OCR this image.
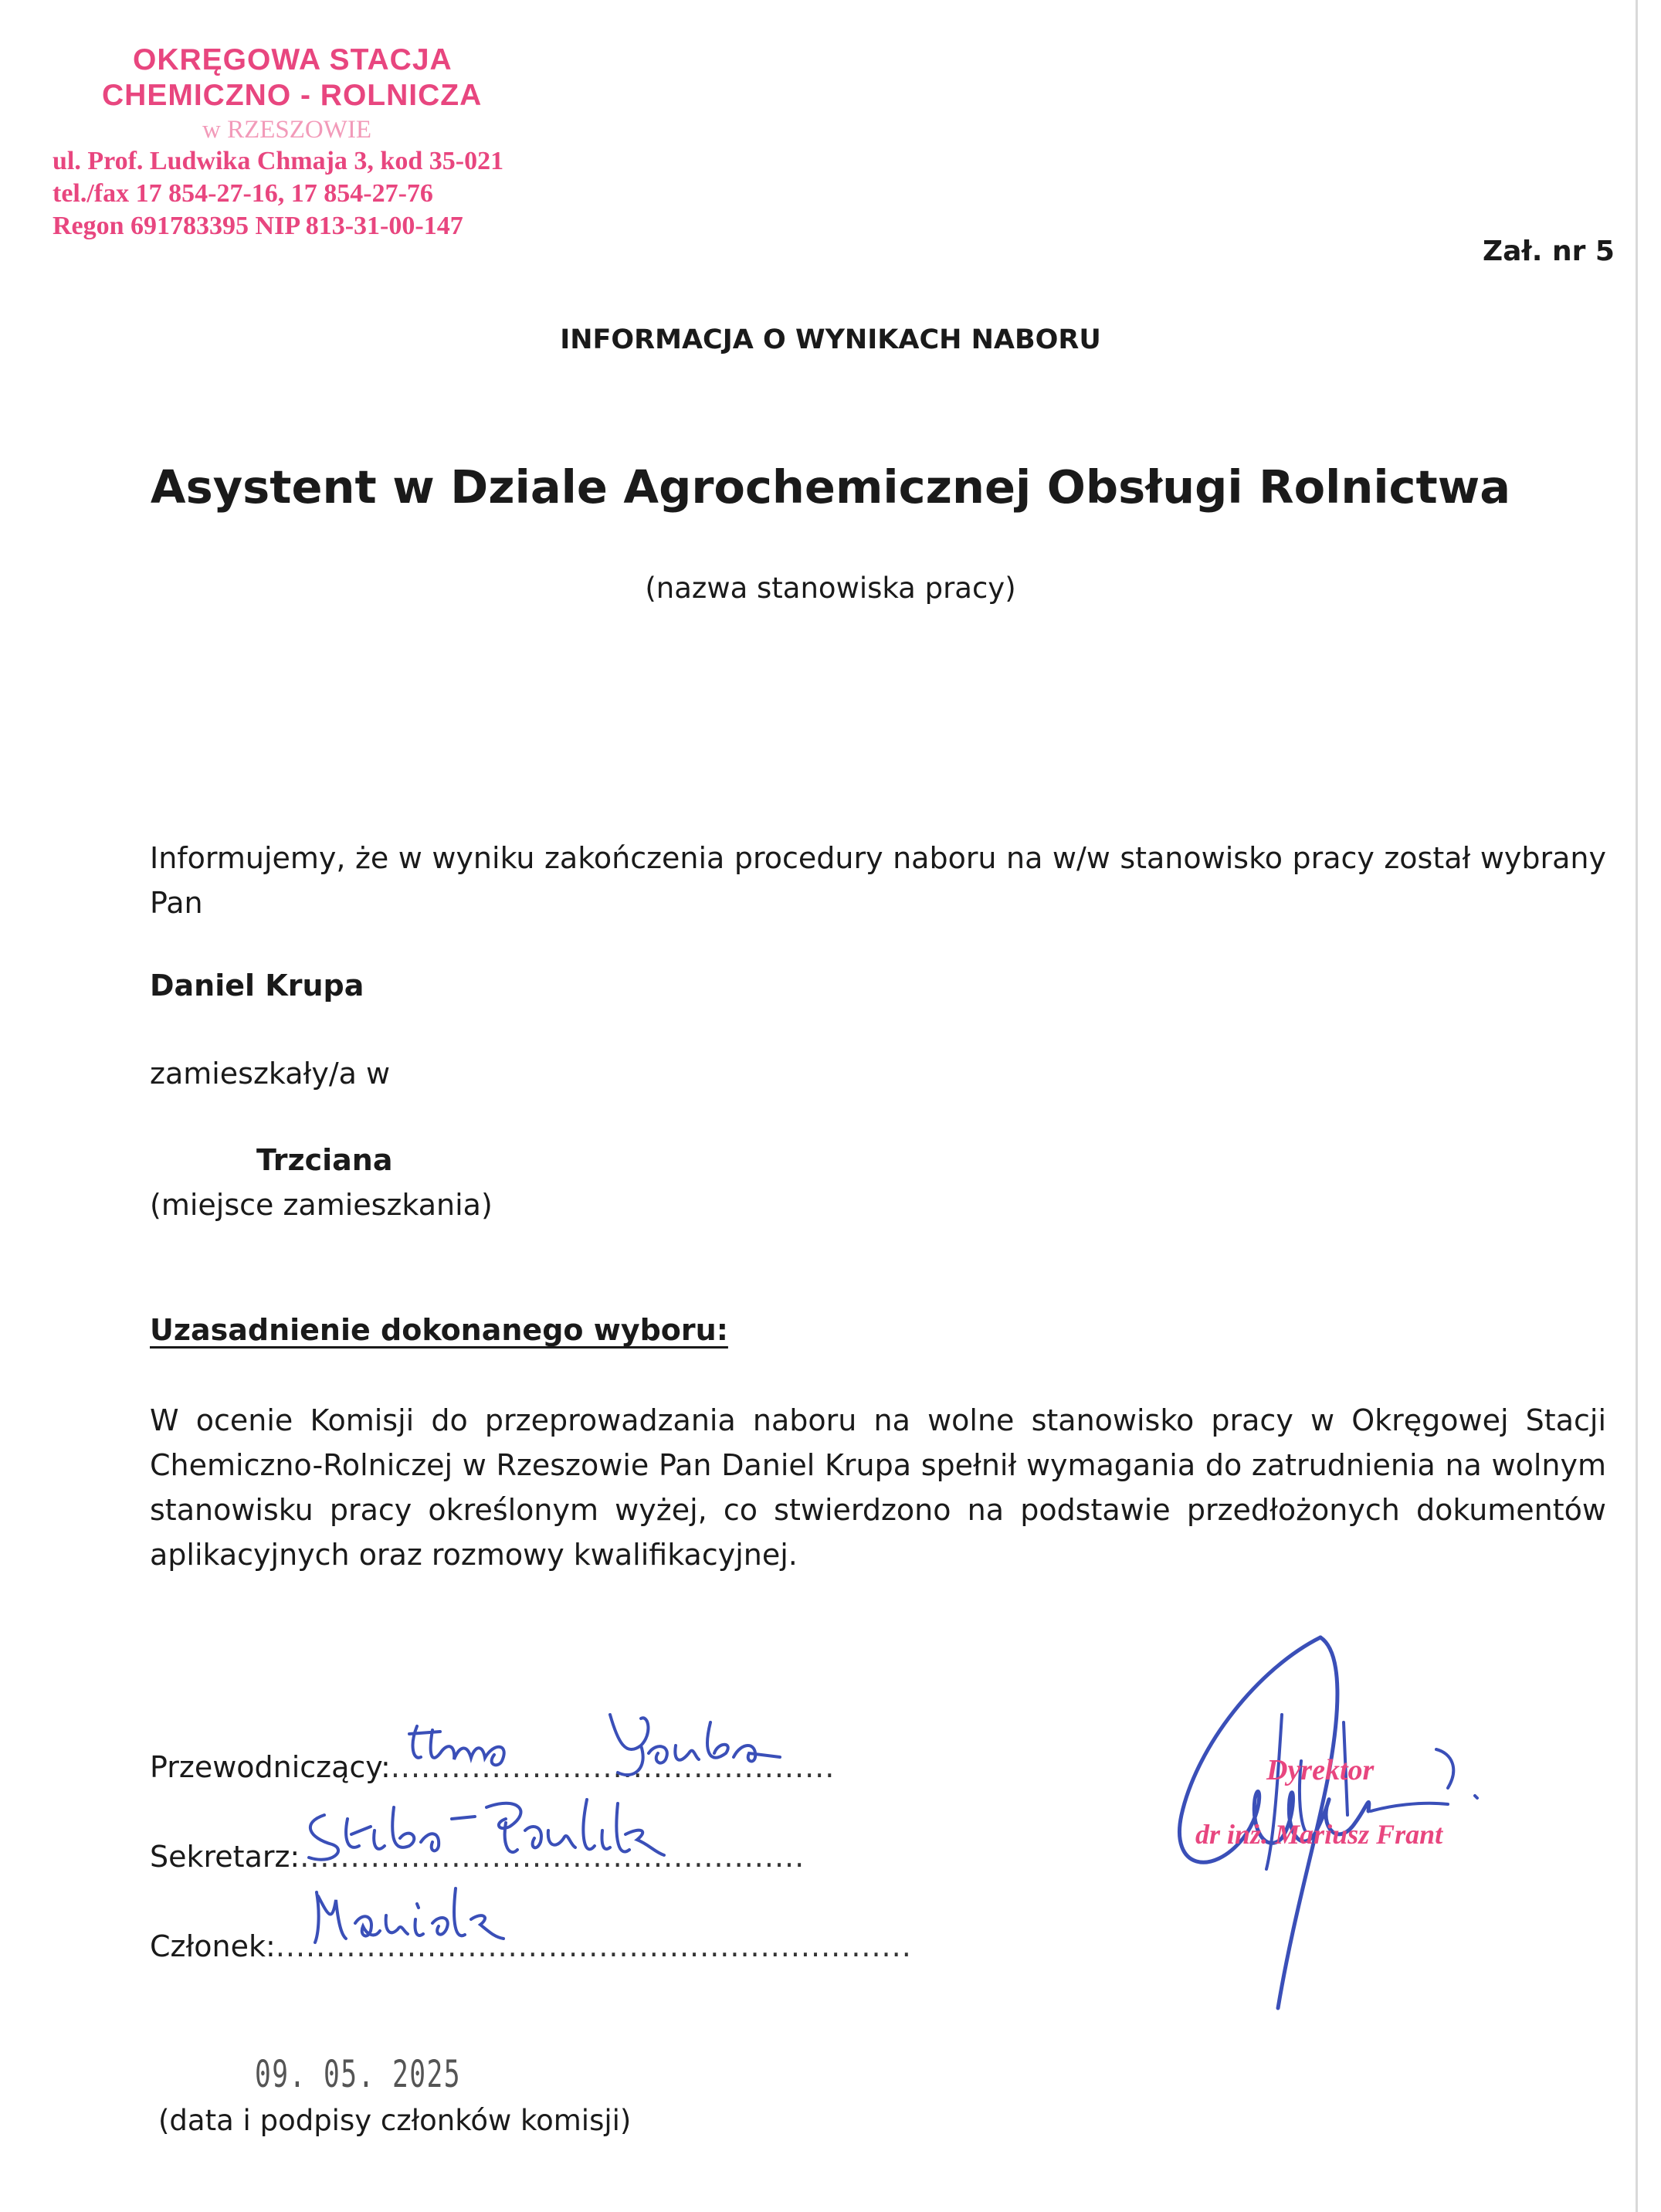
OKRĘGOWA STACJA
CHEMICZNO - ROLNICZA
w RZESZOWIE
ul. Prof. Ludwika Chmaja 3, kod 35-021
tel./fax 17 854-27-16, 17 854-27-76
Regon 691783395 NIP 813-31-00-147
Zał. nr 5
INFORMACJA O WYNIKACH NABORU
Asystent w Dziale Agrochemicznej Obsługi Rolnictwa
(nazwa stanowiska pracy)
Informujemy, że w wyniku zakończenia procedury naboru na w/w stanowisko pracy został wybrany Pan
Daniel Krupa
zamieszkały/a w
Trzciana
(miejsce zamieszkania)
Uzasadnienie dokonanego wyboru:
W ocenie Komisji do przeprowadzania naboru na wolne stanowisko pracy w Okręgowej Stacji Chemiczno-Rolniczej w Rzeszowie Pan Daniel Krupa spełnił wymagania do zatrudnienia na wolnym stanowisku pracy określonym wyżej, co stwierdzono na podstawie przedłożonych dokumentów aplikacyjnych oraz rozmowy kwalifikacyjnej.
Przewodniczący:............................................
Sekretarz:..................................................
Członek:...............................................................
Dyrektor
dr inż. Mariusz Frant
09. 05. 2025
(data i podpisy członków komisji)
